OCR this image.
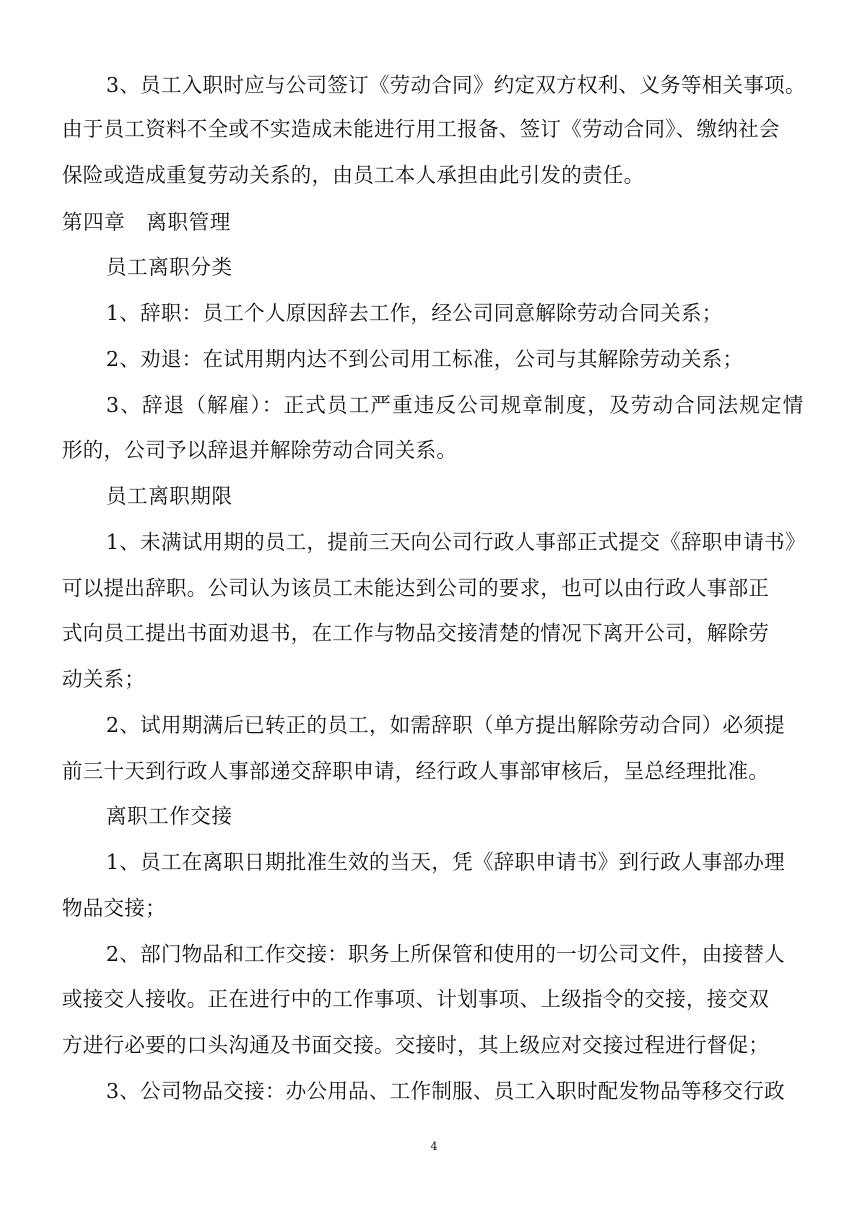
3、员工入职时应与公司签订《劳动合同》约定双方权利、义务等相关事项。
由于员工资料不全或不实造成未能进行用工报备、签订《劳动合同》、缴纳社会
保险或造成重复劳动关系的，由员工本人承担由此引发的责任。
第四章　离职管理
员工离职分类
1、辞职：员工个人原因辞去工作，经公司同意解除劳动合同关系；
2、劝退：在试用期内达不到公司用工标准，公司与其解除劳动关系；
3、辞退（解雇）：正式员工严重违反公司规章制度，及劳动合同法规定情
形的，公司予以辞退并解除劳动合同关系。
员工离职期限
1、未满试用期的员工，提前三天向公司行政人事部正式提交《辞职申请书》
可以提出辞职。公司认为该员工未能达到公司的要求，也可以由行政人事部正
式向员工提出书面劝退书，在工作与物品交接清楚的情况下离开公司，解除劳
动关系；
2、试用期满后已转正的员工，如需辞职（单方提出解除劳动合同）必须提
前三十天到行政人事部递交辞职申请，经行政人事部审核后，呈总经理批准。
离职工作交接
1、员工在离职日期批准生效的当天，凭《辞职申请书》到行政人事部办理
物品交接；
2、部门物品和工作交接：职务上所保管和使用的一切公司文件，由接替人
或接交人接收。正在进行中的工作事项、计划事项、上级指令的交接，接交双
方进行必要的口头沟通及书面交接。交接时，其上级应对交接过程进行督促；
3、公司物品交接：办公用品、工作制服、员工入职时配发物品等移交行政
4
